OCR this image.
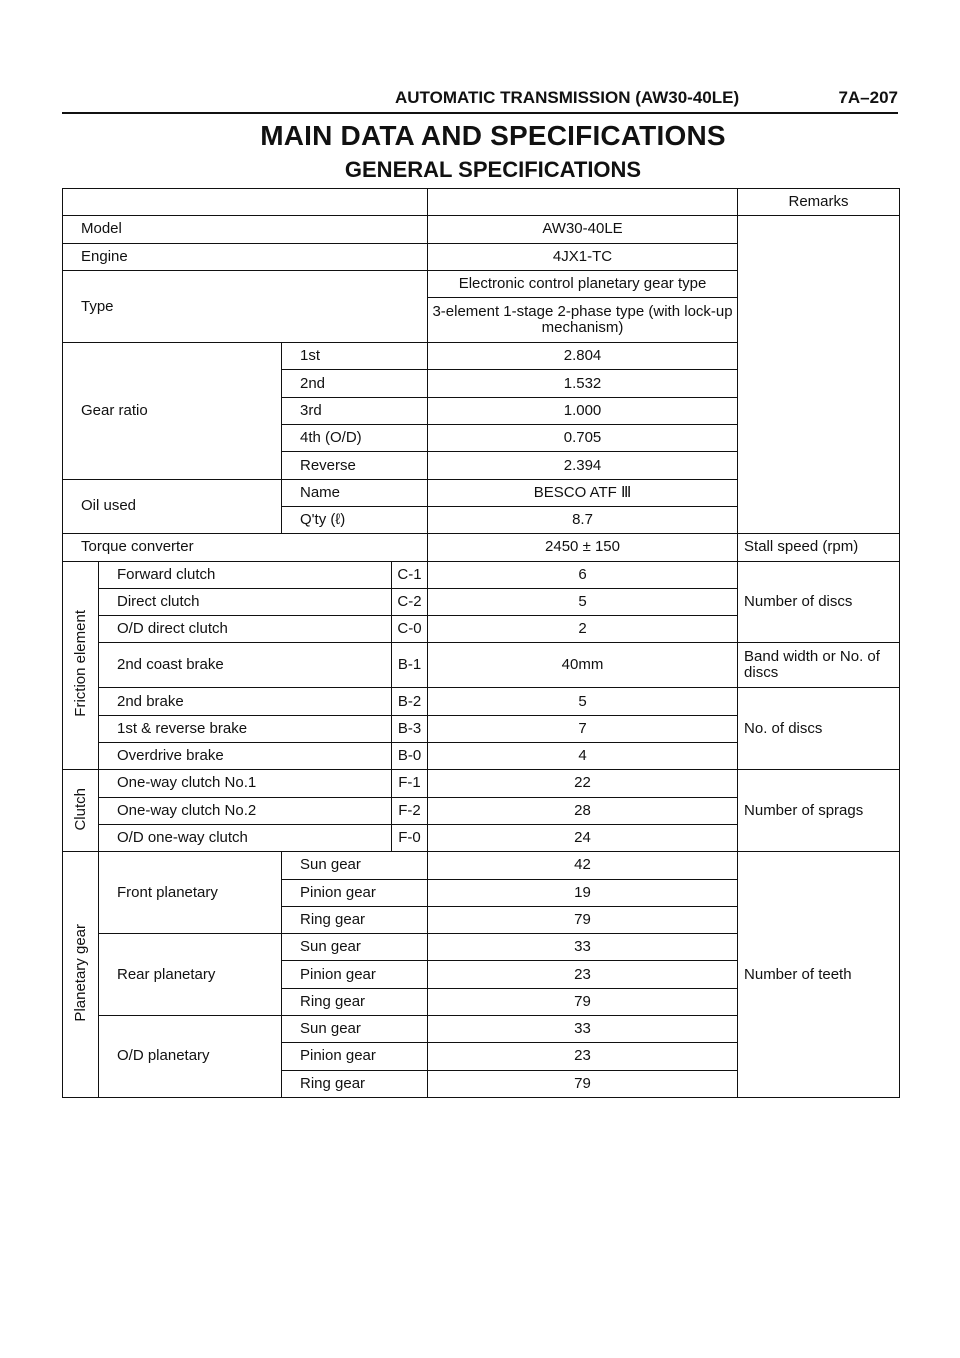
AUTOMATIC TRANSMISSION (AW30-40LE)	7A–207
MAIN DATA AND SPECIFICATIONS
GENERAL SPECIFICATIONS
					Remarks
Model				AW30-40LE	
Engine				4JX1-TC	
Type				Electronic control planetary gear type	
				3-element 1-stage 2-phase type (with lock-up mechanism)	
Gear ratio		1st		2.804	
		2nd		1.532	
		3rd		1.000	
		4th (O/D)		0.705	
		Reverse		2.394	
Oil used		Name		BESCO ATF Ⅲ	
		Q'ty (ℓ)		8.7	
Torque converter				2450 ± 150	Stall speed (rpm)
Friction element	Forward clutch		C-1	6	Number of discs
	Direct clutch		C-2	5	
	O/D direct clutch		C-0	2	
	2nd coast brake		B-1	40mm	Band width or No. of discs
	2nd brake		B-2	5	No. of discs
	1st & reverse brake		B-3	7	
	Overdrive brake		B-0	4	
Clutch	One-way clutch No.1		F-1	22	Number of sprags
	One-way clutch No.2		F-2	28	
	O/D one-way clutch		F-0	24	
Planetary gear	Front planetary	Sun gear		42	Number of teeth
		Pinion gear		19	
		Ring gear		79	
	Rear planetary	Sun gear		33	
		Pinion gear		23	
		Ring gear		79	
	O/D planetary	Sun gear		33	
		Pinion gear		23	
		Ring gear		79	
